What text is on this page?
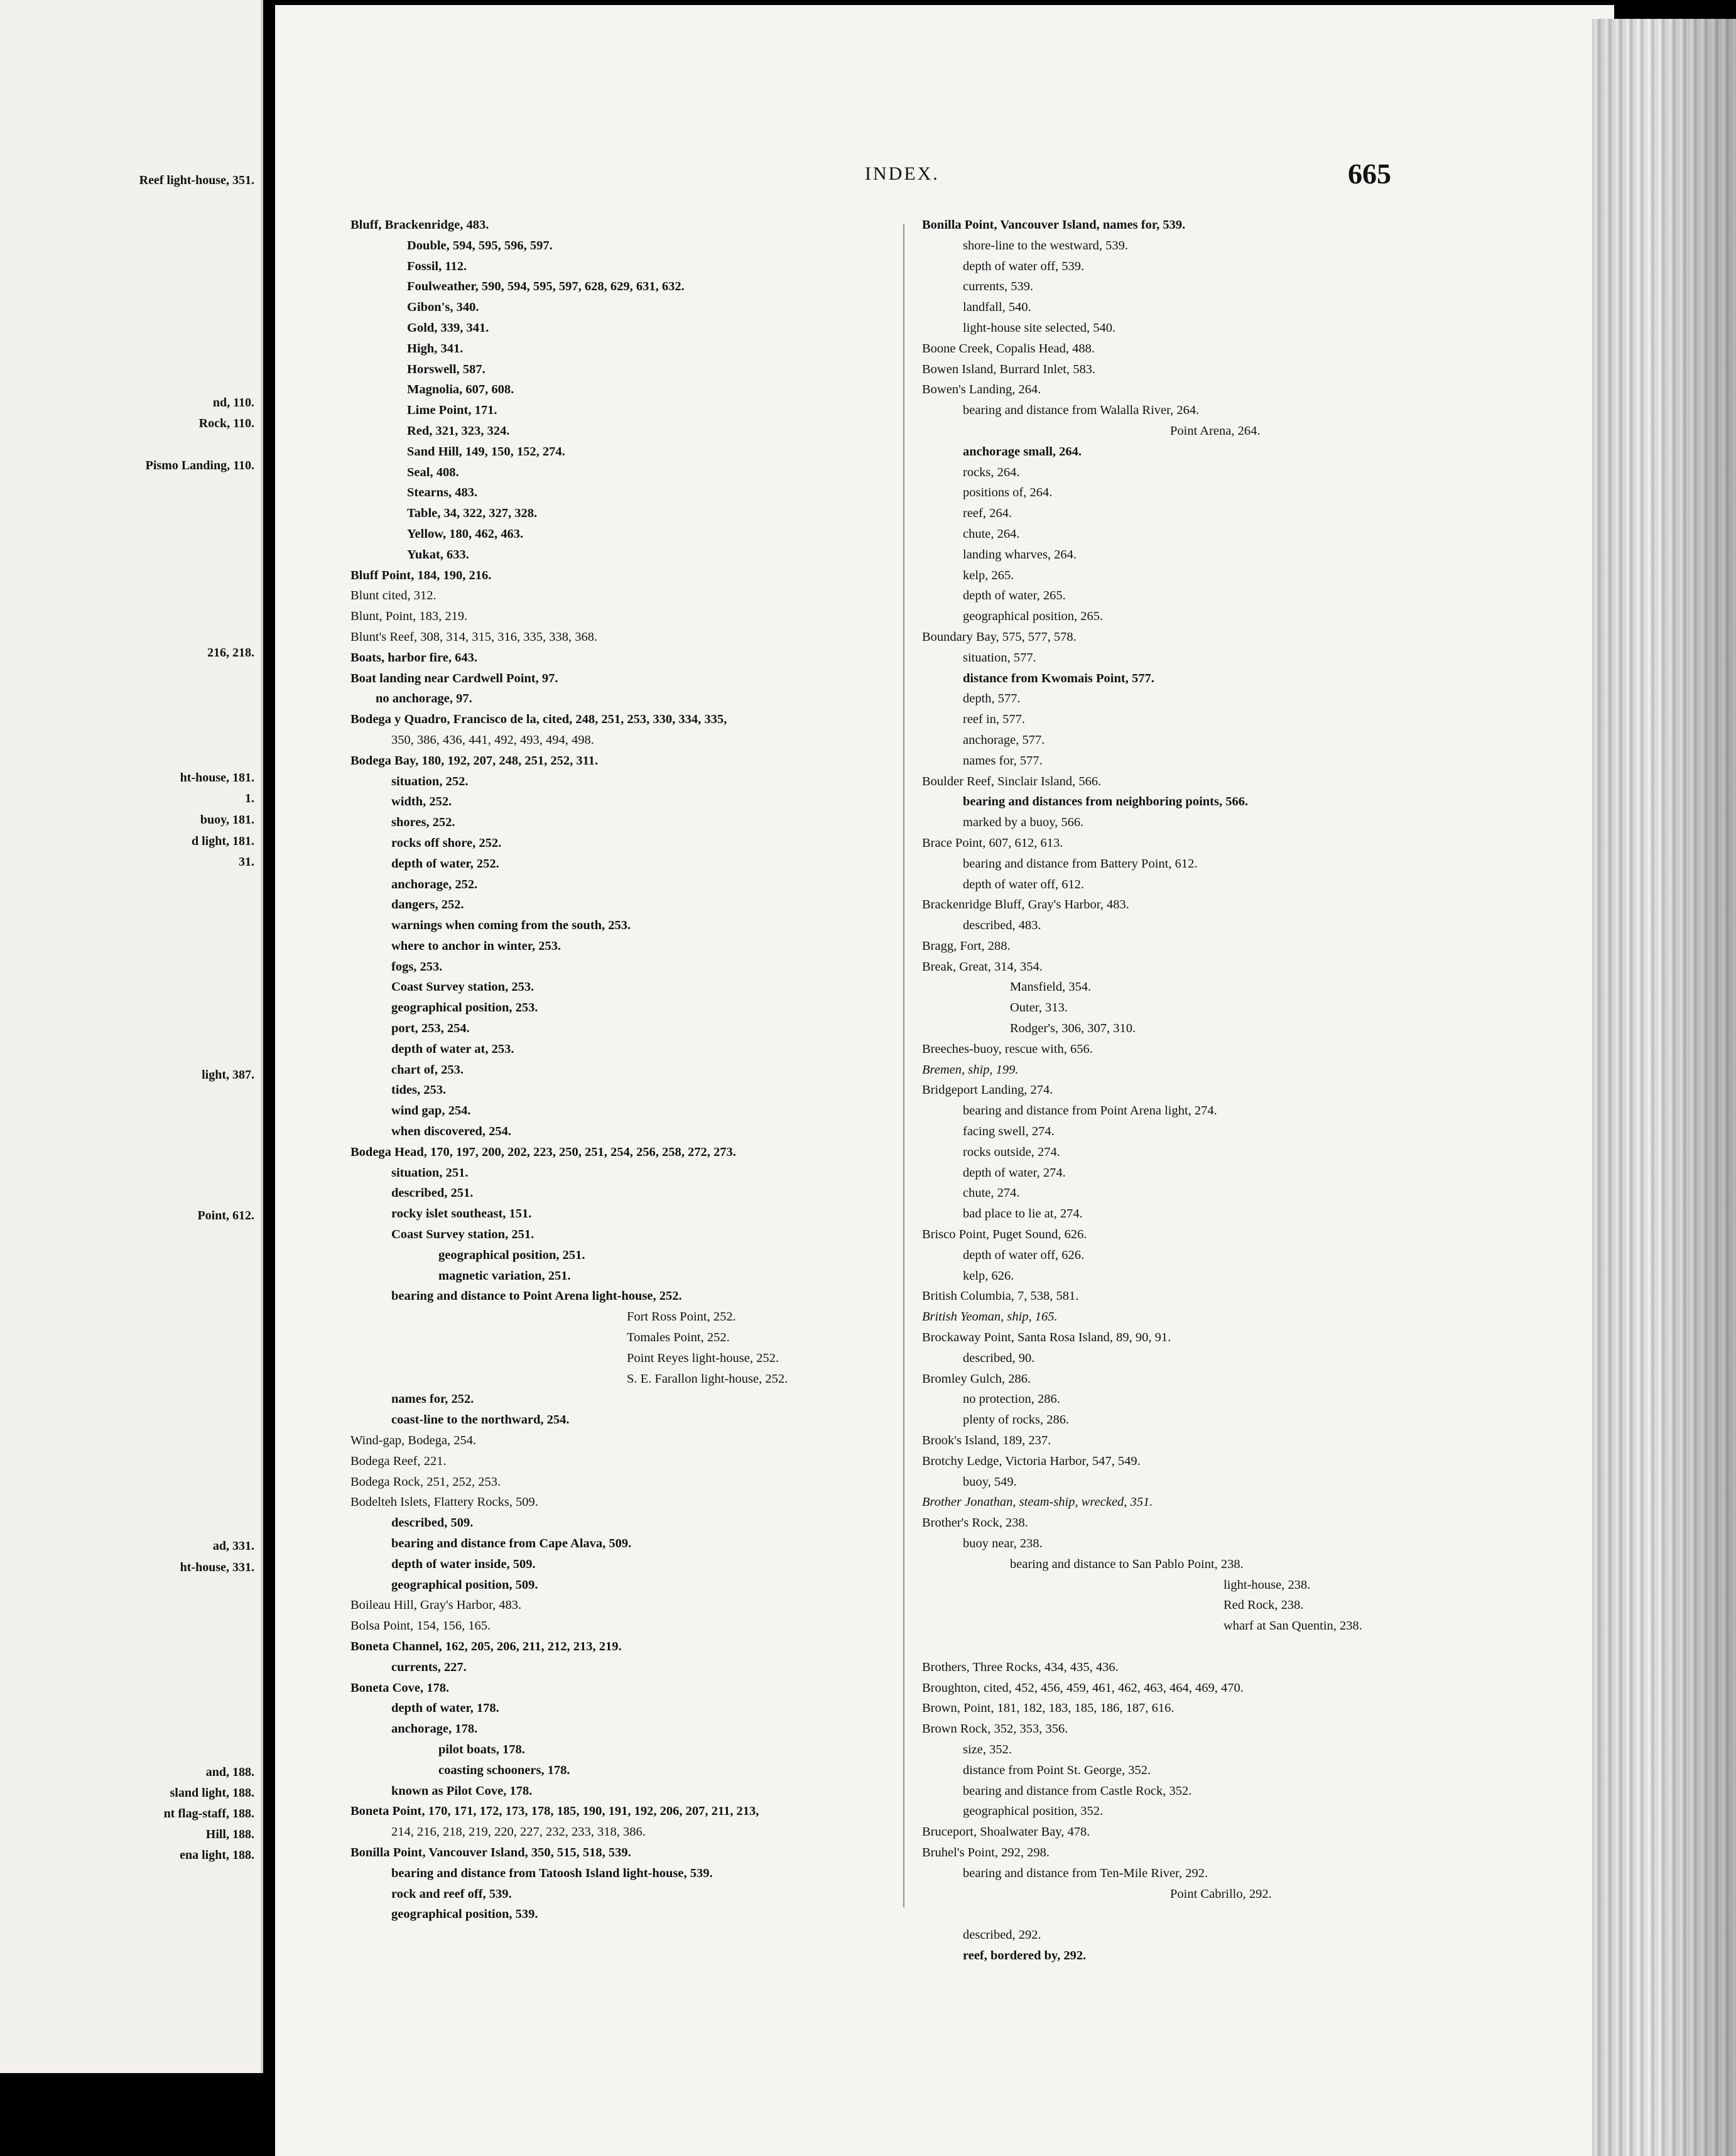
Reef light-house, 351.
nd, 110.
Rock, 110.
Pismo Landing, 110.
216, 218.
ht-house, 181.
1.
buoy, 181.
d light, 181.
31.
light, 387.
Point, 612.
ad, 331.
ht-house, 331.
and, 188.
sland light, 188.
nt flag-staff, 188.
Hill, 188.
ena light, 188.
INDEX.	665
Bluff, Brackenridge, 483.
Double, 594, 595, 596, 597.
Fossil, 112.
Foulweather, 590, 594, 595, 597, 628, 629, 631, 632.
Gibon's, 340.
Gold, 339, 341.
High, 341.
Horswell, 587.
Magnolia, 607, 608.
Lime Point, 171.
Red, 321, 323, 324.
Sand Hill, 149, 150, 152, 274.
Seal, 408.
Stearns, 483.
Table, 34, 322, 327, 328.
Yellow, 180, 462, 463.
Yukat, 633.
Bluff Point, 184, 190, 216.
Blunt cited, 312.
Blunt, Point, 183, 219.
Blunt's Reef, 308, 314, 315, 316, 335, 338, 368.
Boats, harbor fire, 643.
Boat landing near Cardwell Point, 97.
no anchorage, 97.
Bodega y Quadro, Francisco de la, cited, 248, 251, 253, 330, 334, 335,
350, 386, 436, 441, 492, 493, 494, 498.
Bodega Bay, 180, 192, 207, 248, 251, 252, 311.
situation, 252.
width, 252.
shores, 252.
rocks off shore, 252.
depth of water, 252.
anchorage, 252.
dangers, 252.
warnings when coming from the south, 253.
where to anchor in winter, 253.
fogs, 253.
Coast Survey station, 253.
geographical position, 253.
port, 253, 254.
depth of water at, 253.
chart of, 253.
tides, 253.
wind gap, 254.
when discovered, 254.
Bodega Head, 170, 197, 200, 202, 223, 250, 251, 254, 256, 258, 272, 273.
situation, 251.
described, 251.
rocky islet southeast, 151.
Coast Survey station, 251.
geographical position, 251.
magnetic variation, 251.
bearing and distance to Point Arena light-house, 252.
Fort Ross Point, 252.
Tomales Point, 252.
Point Reyes light-house, 252.
S. E. Farallon light-house, 252.
names for, 252.
coast-line to the northward, 254.
Wind-gap, Bodega, 254.
Bodega Reef, 221.
Bodega Rock, 251, 252, 253.
Bodelteh Islets, Flattery Rocks, 509.
described, 509.
bearing and distance from Cape Alava, 509.
depth of water inside, 509.
geographical position, 509.
Boileau Hill, Gray's Harbor, 483.
Bolsa Point, 154, 156, 165.
Boneta Channel, 162, 205, 206, 211, 212, 213, 219.
currents, 227.
Boneta Cove, 178.
depth of water, 178.
anchorage, 178.
pilot boats, 178.
coasting schooners, 178.
known as Pilot Cove, 178.
Boneta Point, 170, 171, 172, 173, 178, 185, 190, 191, 192, 206, 207, 211, 213,
214, 216, 218, 219, 220, 227, 232, 233, 318, 386.
Bonilla Point, Vancouver Island, 350, 515, 518, 539.
bearing and distance from Tatoosh Island light-house, 539.
rock and reef off, 539.
geographical position, 539.
Bonilla Point, Vancouver Island, names for, 539.
shore-line to the westward, 539.
depth of water off, 539.
currents, 539.
landfall, 540.
light-house site selected, 540.
Boone Creek, Copalis Head, 488.
Bowen Island, Burrard Inlet, 583.
Bowen's Landing, 264.
bearing and distance from Walalla River, 264.
Point Arena, 264.
anchorage small, 264.
rocks, 264.
positions of, 264.
reef, 264.
chute, 264.
landing wharves, 264.
kelp, 265.
depth of water, 265.
geographical position, 265.
Boundary Bay, 575, 577, 578.
situation, 577.
distance from Kwomais Point, 577.
depth, 577.
reef in, 577.
anchorage, 577.
names for, 577.
Boulder Reef, Sinclair Island, 566.
bearing and distances from neighboring points, 566.
marked by a buoy, 566.
Brace Point, 607, 612, 613.
bearing and distance from Battery Point, 612.
depth of water off, 612.
Brackenridge Bluff, Gray's Harbor, 483.
described, 483.
Bragg, Fort, 288.
Break, Great, 314, 354.
Mansfield, 354.
Outer, 313.
Rodger's, 306, 307, 310.
Breeches-buoy, rescue with, 656.
Bremen, ship, 199.
Bridgeport Landing, 274.
bearing and distance from Point Arena light, 274.
facing swell, 274.
rocks outside, 274.
depth of water, 274.
chute, 274.
bad place to lie at, 274.
Brisco Point, Puget Sound, 626.
depth of water off, 626.
kelp, 626.
British Columbia, 7, 538, 581.
British Yeoman, ship, 165.
Brockaway Point, Santa Rosa Island, 89, 90, 91.
described, 90.
Bromley Gulch, 286.
no protection, 286.
plenty of rocks, 286.
Brook's Island, 189, 237.
Brotchy Ledge, Victoria Harbor, 547, 549.
buoy, 549.
Brother Jonathan, steam-ship, wrecked, 351.
Brother's Rock, 238.
buoy near, 238.
bearing and distance to San Pablo Point, 238.
light-house, 238.
Red Rock, 238.
wharf at San Quentin, 238.
Brothers, Three Rocks, 434, 435, 436.
Broughton, cited, 452, 456, 459, 461, 462, 463, 464, 469, 470.
Brown, Point, 181, 182, 183, 185, 186, 187, 616.
Brown Rock, 352, 353, 356.
size, 352.
distance from Point St. George, 352.
bearing and distance from Castle Rock, 352.
geographical position, 352.
Bruceport, Shoalwater Bay, 478.
Bruhel's Point, 292, 298.
bearing and distance from Ten-Mile River, 292.
Point Cabrillo, 292.
described, 292.
reef, bordered by, 292.
